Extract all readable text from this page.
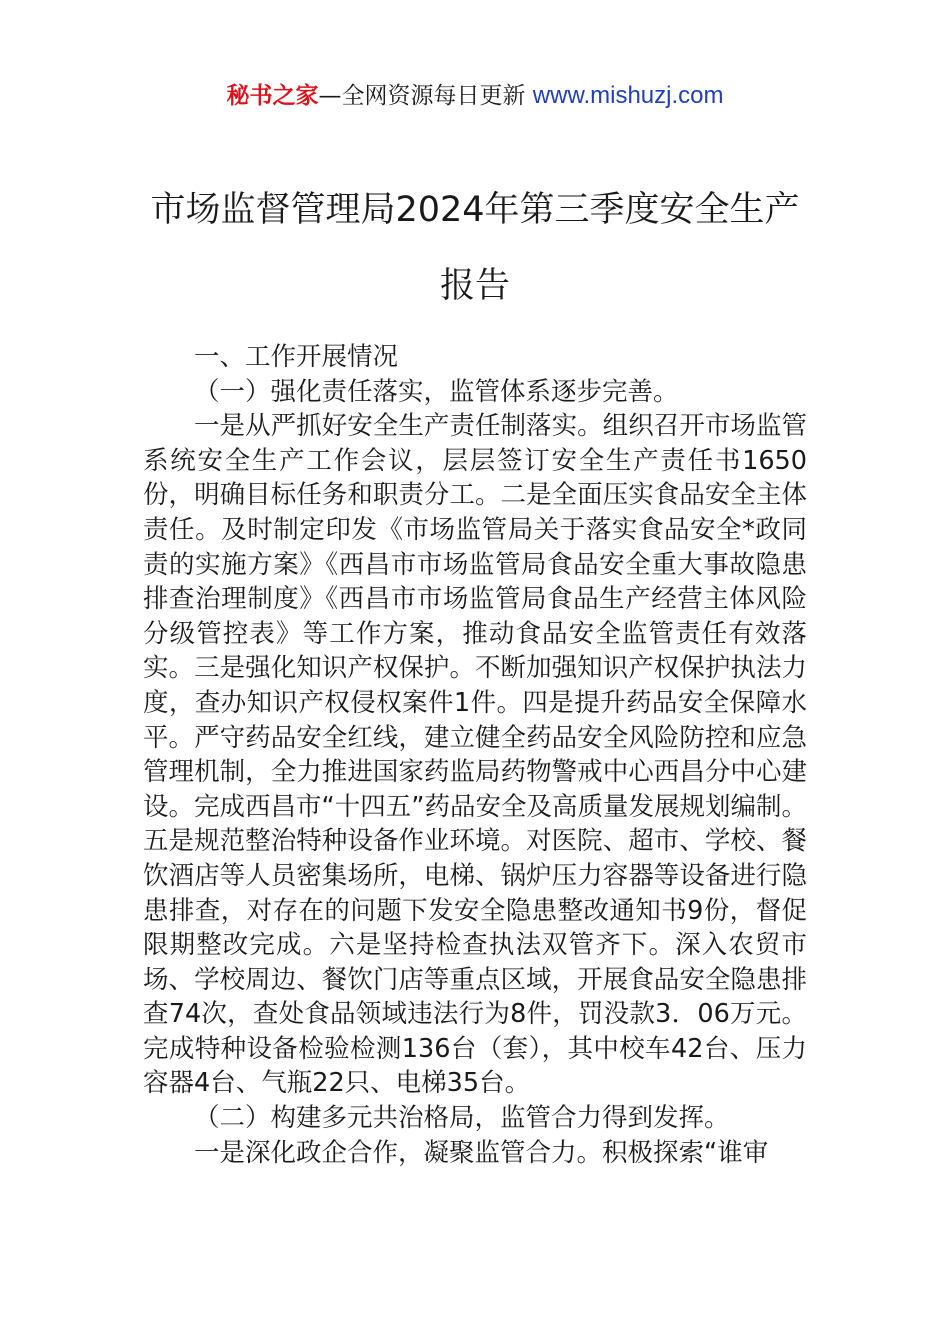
秘书之家—全网资源每日更新 www.mishuzj.com
市场监督管理局2024年第三季度安全生产
报告

一、工作开展情况

（一）强化责任落实，监管体系逐步完善。

一是从严抓好安全生产责任制落实。组织召开市场监管系统安全生产工作会议，层层签订安全生产责任书1650份，明确目标任务和职责分工。二是全面压实食品安全主体责任。及时制定印发《市场监管局关于落实食品安全*政同责的实施方案》《西昌市市场监管局食品安全重大事故隐患排查治理制度》《西昌市市场监管局食品生产经营主体风险分级管控表》等工作方案，推动食品安全监管责任有效落实。三是强化知识产权保护。不断加强知识产权保护执法力度，查办知识产权侵权案件1件。四是提升药品安全保障水平。严守药品安全红线，建立健全药品安全风险防控和应急管理机制，全力推进国家药监局药物警戒中心西昌分中心建设。完成西昌市“十四五”药品安全及高质量发展规划编制。五是规范整治特种设备作业环境。对医院、超市、学校、餐饮酒店等人员密集场所，电梯、锅炉压力容器等设备进行隐患排查，对存在的问题下发安全隐患整改通知书9份，督促限期整改完成。六是坚持检查执法双管齐下。深入农贸市场、学校周边、餐饮门店等重点区域，开展食品安全隐患排查74次，查处食品领域违法行为8件，罚没款3．06万元。完成特种设备检验检测136台（套），其中校车42台、压力容器4台、气瓶22只、电梯35台。

（二）构建多元共治格局，监管合力得到发挥。

一是深化政企合作，凝聚监管合力。积极探索“谁审
